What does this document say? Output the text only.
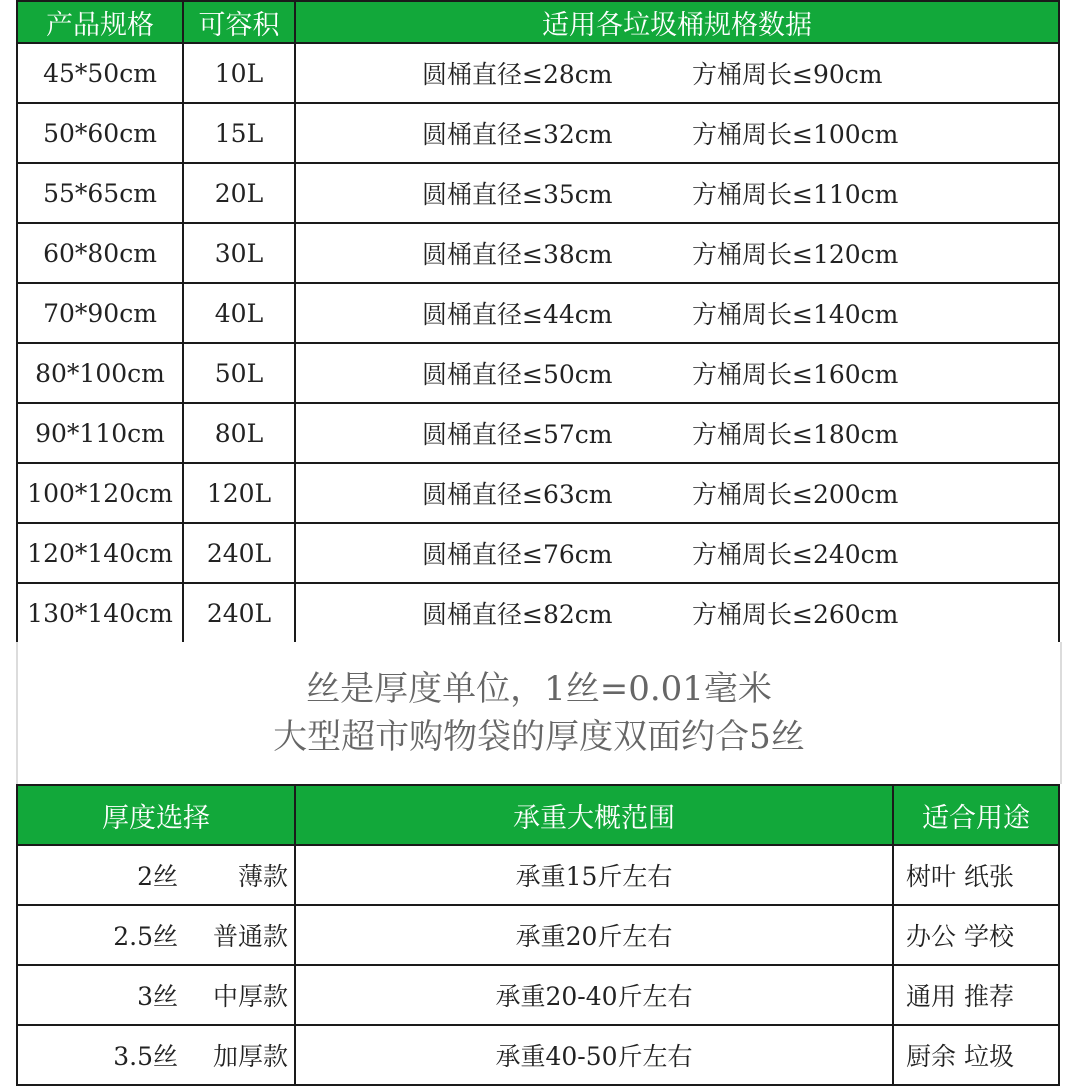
产品规格	可容积	适用各垃圾桶规格数据
45*50cm	10L	圆桶直径≤28cm 方桶周长≤90cm

50*60cm	15L	圆桶直径≤32cm 方桶周长≤100cm

55*65cm	20L	圆桶直径≤35cm 方桶周长≤110cm

60*80cm	30L	圆桶直径≤38cm 方桶周长≤120cm

70*90cm	40L	圆桶直径≤44cm 方桶周长≤140cm

80*100cm	50L	圆桶直径≤50cm 方桶周长≤160cm

90*110cm	80L	圆桶直径≤57cm 方桶周长≤180cm

100*120cm	120L	圆桶直径≤63cm 方桶周长≤200cm

120*140cm	240L	圆桶直径≤76cm 方桶周长≤240cm

130*140cm	240L	圆桶直径≤82cm 方桶周长≤260cm
丝是厚度单位，1丝=0.01毫米
大型超市购物袋的厚度双面约合5丝
厚度选择	承重大概范围	适合用途

2丝 薄款	承重15斤左右	树叶 纸张

2.5丝 普通款	承重20斤左右	办公 学校

3丝 中厚款	承重20-40斤左右	通用 推荐

3.5丝 加厚款	承重40-50斤左右	厨余 垃圾
